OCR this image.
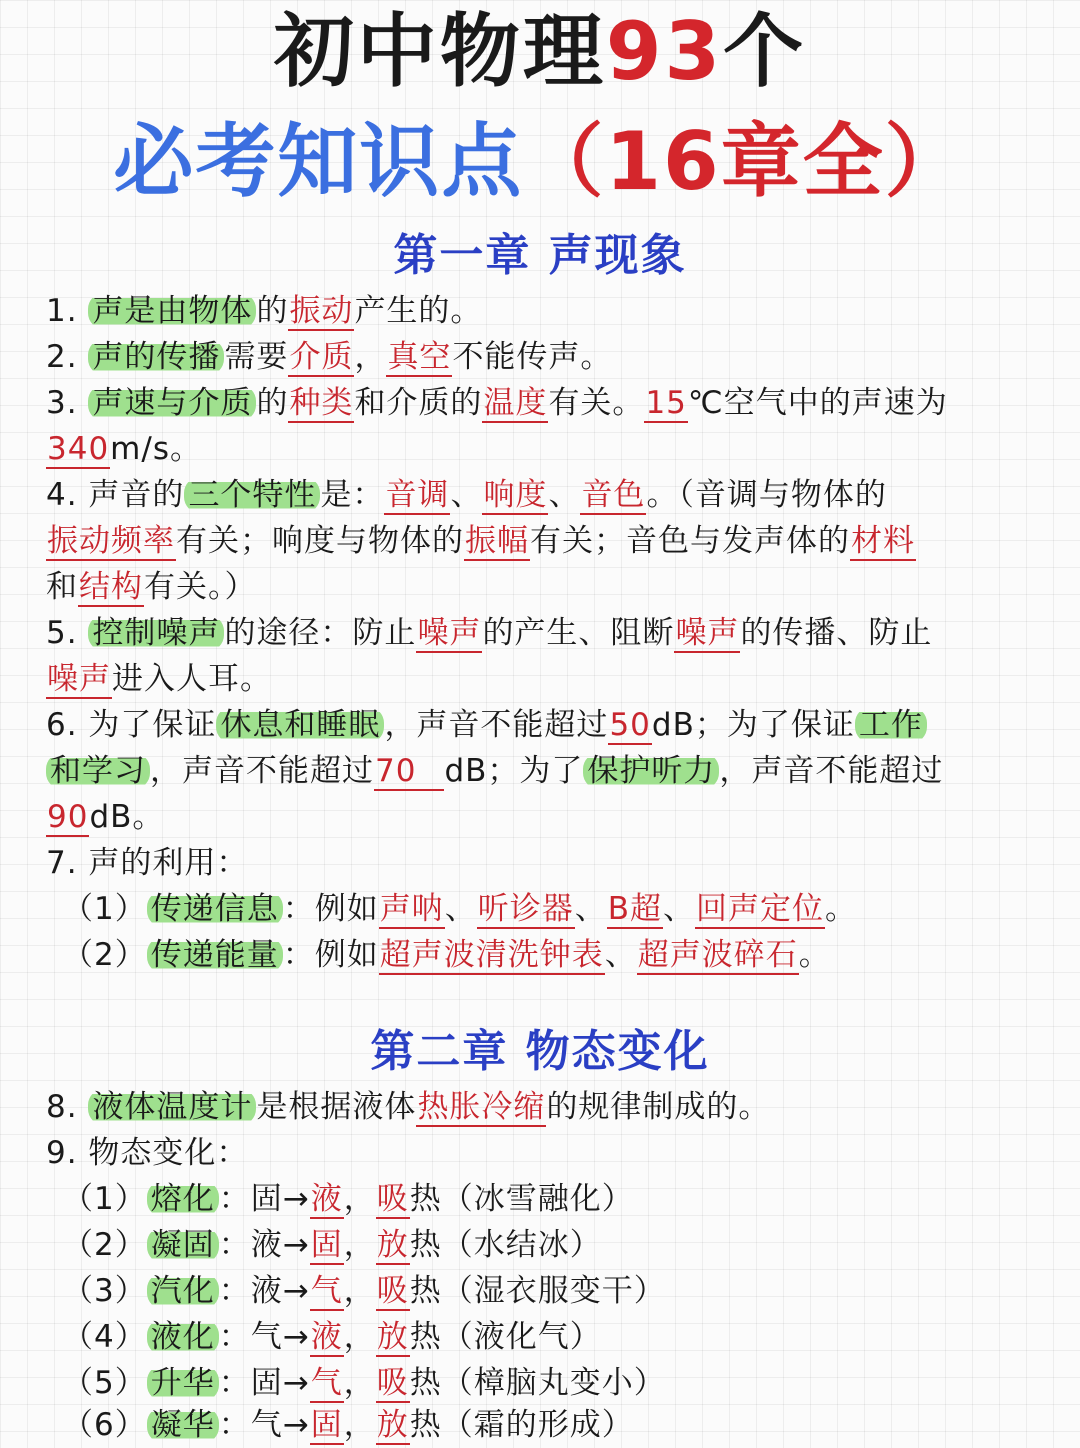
初中物理93个
必考知识点（16章全）
第一章 声现象
1. 声是由物体 的振动产生的。
2. 声的传播 需要介质，真空不能传声。
3. 声速与介质 的种类和介质的温度有关。15℃空气中的声速为
340m/s。
4. 声音的 三个特性 是：音调、响度、音色。（音调与物体的
振动频率有关；响度与物体的振幅有关；音色与发声体的材料
和结构有关。）
5. 控制噪声 的途径：防止噪声的产生、阻断噪声的传播、防止
噪声进入人耳。
6. 为了保证 休息和睡眠 ，声音不能超过50dB；为了保证 工作
和学习 ，声音不能超过70 dB；为了 保护听力 ，声音不能超过
90dB。
7. 声的利用：
（1） 传递信息 ：例如声呐、听诊器、B超、回声定位。
（2） 传递能量 ：例如超声波清洗钟表、超声波碎石。
第二章 物态变化
8. 液体温度计 是根据液体热胀冷缩的规律制成的。
9. 物态变化：
（1） 熔化 ：固→液，吸热（冰雪融化）
（2） 凝固 ：液→固，放热（水结冰）
（3） 汽化 ：液→气，吸热（湿衣服变干）
（4） 液化 ：气→液，放热（液化气）
（5） 升华 ：固→气，吸热（樟脑丸变小）
（6） 凝华 ：气→固，放热（霜的形成）
